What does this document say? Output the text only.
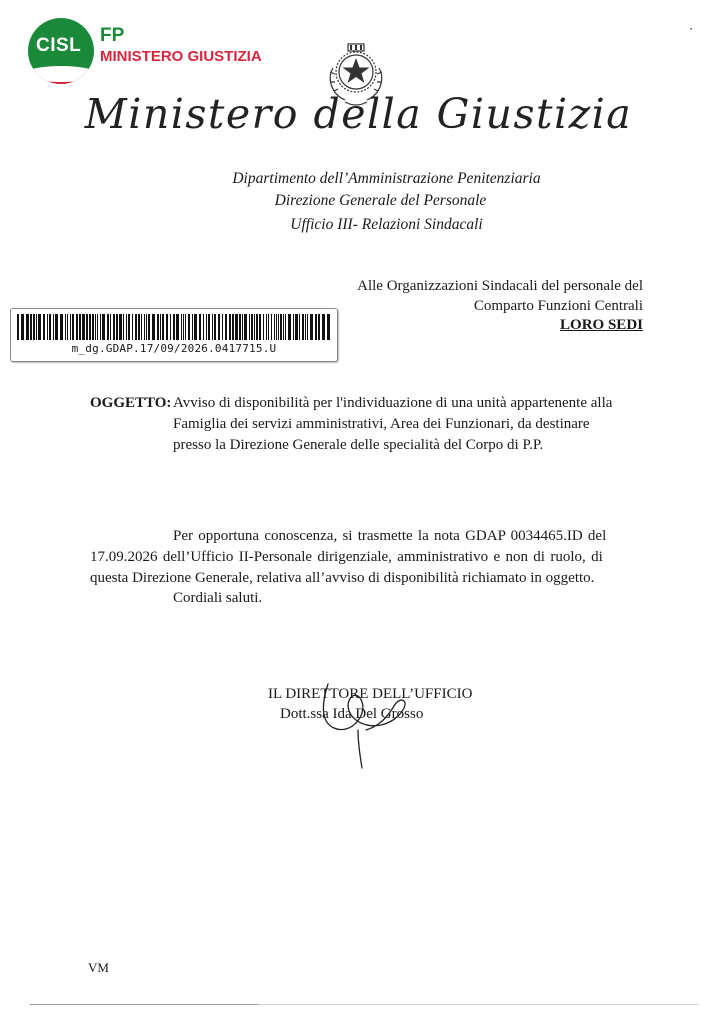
CISL FP
MINISTERO GIUSTIZIA
Ministero della Giustizia
Dipartimento dell’Amministrazione Penitenziaria
Direzione Generale del Personale
Ufficio III- Relazioni Sindacali
Alle Organizzazioni Sindacali del personale del
Comparto Funzioni Centrali
LORO SEDI
m_dg.GDAP.17/09/2026.0417715.U
OGGETTO: Avviso di disponibilità per l'individuazione di una unità appartenente alla
Famiglia dei servizi amministrativi, Area dei Funzionari, da destinare
presso la Direzione Generale delle specialità del Corpo di P.P.
Per opportuna conoscenza, si trasmette la nota GDAP 0034465.ID del
17.09.2026 dell’Ufficio II-Personale dirigenziale, amministrativo e non di ruolo, di
questa Direzione Generale, relativa all’avviso di disponibilità richiamato in oggetto.
Cordiali saluti.
IL DIRETTORE DELL’UFFICIO
Dott.ssa Ida Del Grosso
VM
